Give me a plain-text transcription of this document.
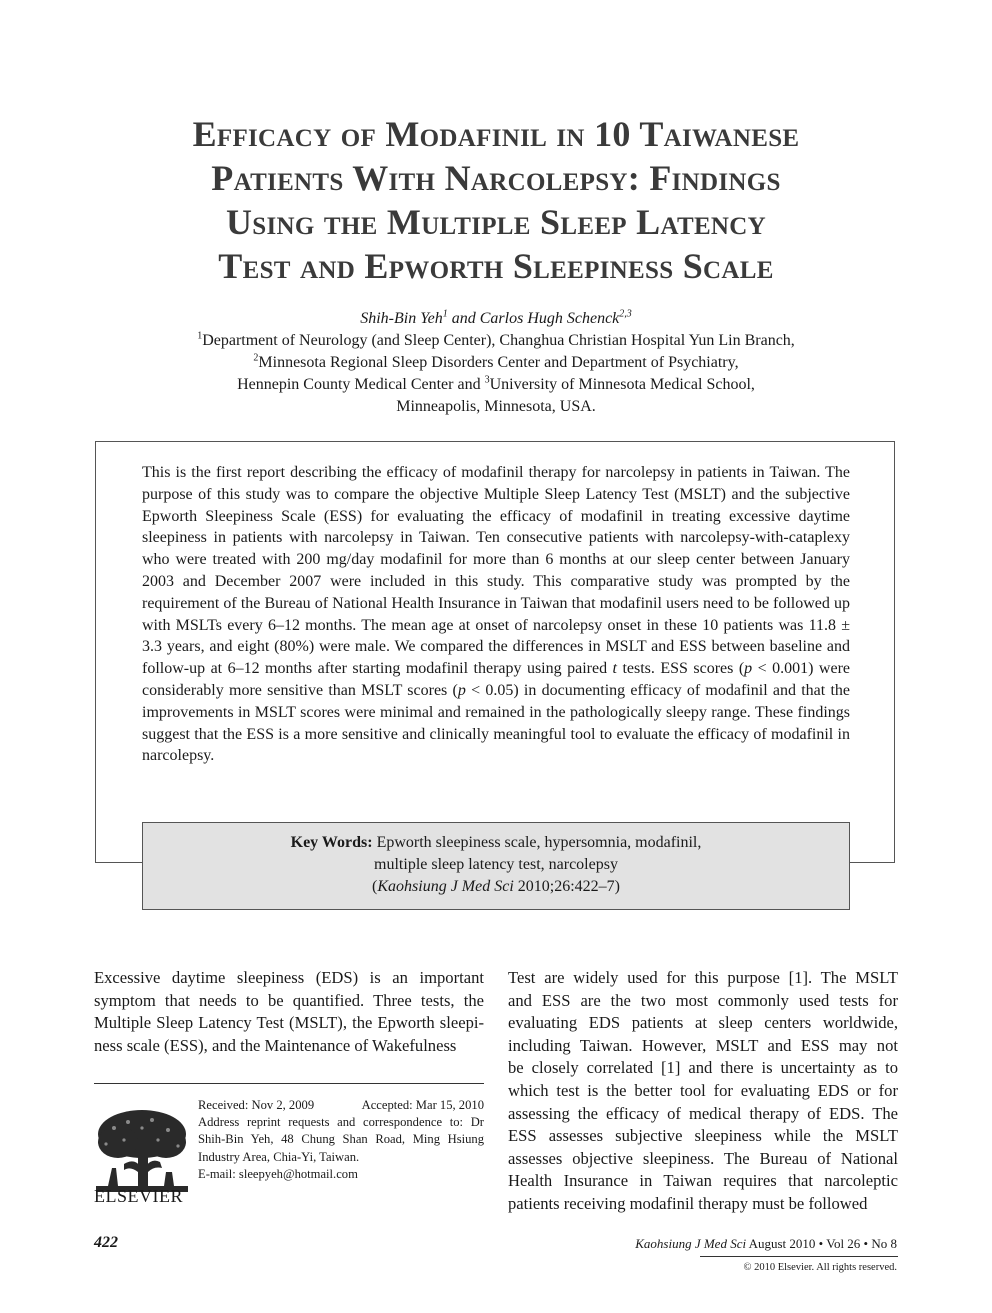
Efficacy of Modafinil in 10 Taiwanese
Patients With Narcolepsy: Findings
Using the Multiple Sleep Latency
Test and Epworth Sleepiness Scale
Shih-Bin Yeh$^1$ and Carlos Hugh Schenck$^{2,3}$
$^1$Department of Neurology (and Sleep Center), Changhua Christian Hospital Yun Lin Branch,
$^2$Minnesota Regional Sleep Disorders Center and Department of Psychiatry,
Hennepin County Medical Center and $^3$University of Minnesota Medical School,
Minneapolis, Minnesota, USA.
This is the first report describing the efficacy of modafinil therapy for narcolepsy in patients in Taiwan. The purpose of this study was to compare the objective Multiple Sleep Latency Test (MSLT) and the subjective Epworth Sleepiness Scale (ESS) for evaluating the efficacy of modafinil in treating excessive daytime sleepiness in patients with narcolepsy in Taiwan. Ten consecutive patients with narcolepsy-with-cataplexy who were treated with 200 mg/day modafinil for more than 6 months at our sleep center between January 2003 and December 2007 were included in this study. This comparative study was prompted by the requirement of the Bureau of National Health Insurance in Taiwan that modafinil users need to be followed up with MSLTs every 6–12 months. The mean age at onset of narcolepsy onset in these 10 patients was 11.8 ± 3.3 years, and eight (80%) were male. We compared the differences in MSLT and ESS between baseline and follow-up at 6–12 months after starting modafinil therapy using paired t tests. ESS scores (p < 0.001) were considerably more sensitive than MSLT scores (p < 0.05) in documenting efficacy of modafinil and that the improvements in MSLT scores were minimal and remained in the pathologically sleepy range. These findings suggest that the ESS is a more sensitive and clinically meaningful tool to evaluate the efficacy of modafinil in narcolepsy.
Key Words: Epworth sleepiness scale, hypersomnia, modafinil,
multiple sleep latency test, narcolepsy
(Kaohsiung J Med Sci 2010;26:422–7)
Excessive daytime sleepiness (EDS) is an important
symptom that needs to be quantified. Three tests, the
Multiple Sleep Latency Test (MSLT), the Epworth sleepi-
ness scale (ESS), and the Maintenance of Wakefulness
Test are widely used for this purpose [1]. The MSLT
and ESS are the two most commonly used tests for
evaluating EDS patients at sleep centers worldwide,
including Taiwan. However, MSLT and ESS may not
be closely correlated [1] and there is uncertainty as to
which test is the better tool for evaluating EDS or for
assessing the efficacy of medical therapy of EDS. The
ESS assesses subjective sleepiness while the MSLT
assesses objective sleepiness. The Bureau of National
Health Insurance in Taiwan requires that narcoleptic
patients receiving modafinil therapy must be followed
ELSEVIER
Received: Nov 2, 2009	Accepted: Mar 15, 2010
Address reprint requests and correspondence to: Dr Shih-Bin Yeh, 48 Chung Shan Road, Ming Hsiung Industry Area, Chia-Yi, Taiwan.
E-mail: sleepyeh@hotmail.com
422	Kaohsiung J Med Sci August 2010 • Vol 26 • No 8
© 2010 Elsevier. All rights reserved.
